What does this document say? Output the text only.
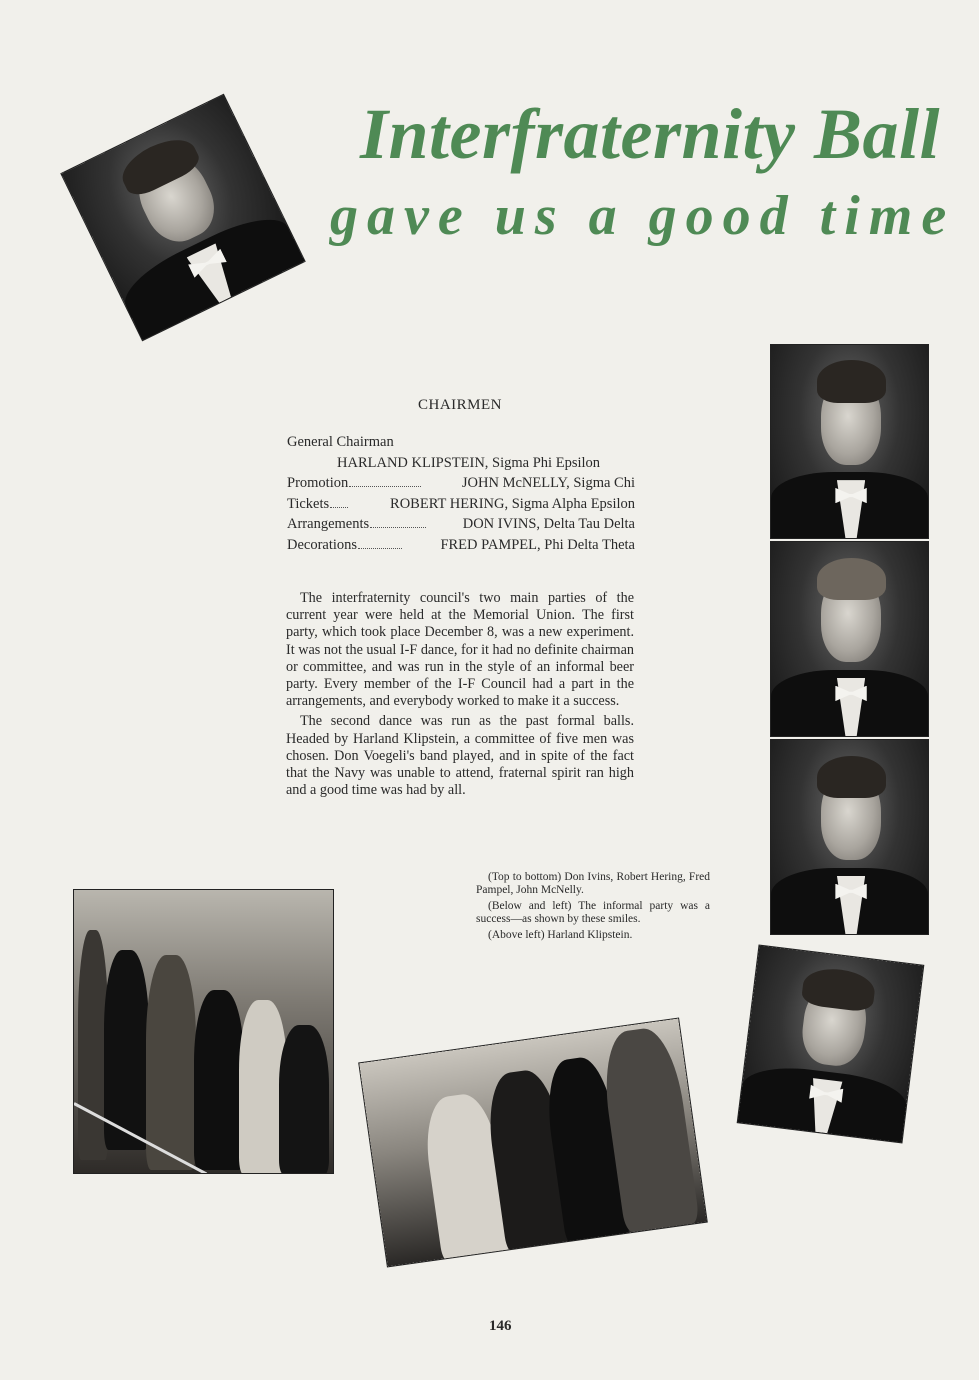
Interfraternity Ball
gave us a good time
CHAIRMEN
General Chairman
HARLAND KLIPSTEIN, Sigma Phi Epsilon
Promotion	JOHN McNELLY, Sigma Chi
Tickets	ROBERT HERING, Sigma Alpha Epsilon
Arrangements	DON IVINS, Delta Tau Delta
Decorations	FRED PAMPEL, Phi Delta Theta

The interfraternity council's two main parties of the current year were held at the Memorial Union. The first party, which took place December 8, was a new experiment. It was not the usual I-F dance, for it had no definite chairman or committee, and was run in the style of an informal beer party. Every member of the I-F Council had a part in the arrangements, and everybody worked to make it a success.

The second dance was run as the past formal balls. Headed by Harland Klipstein, a committee of five men was chosen. Don Voegeli's band played, and in spite of the fact that the Navy was unable to attend, fraternal spirit ran high and a good time was had by all.

(Top to bottom) Don Ivins, Robert Hering, Fred Pampel, John McNelly.

(Below and left) The informal party was a success—as shown by these smiles.

(Above left) Harland Klipstein.

146
